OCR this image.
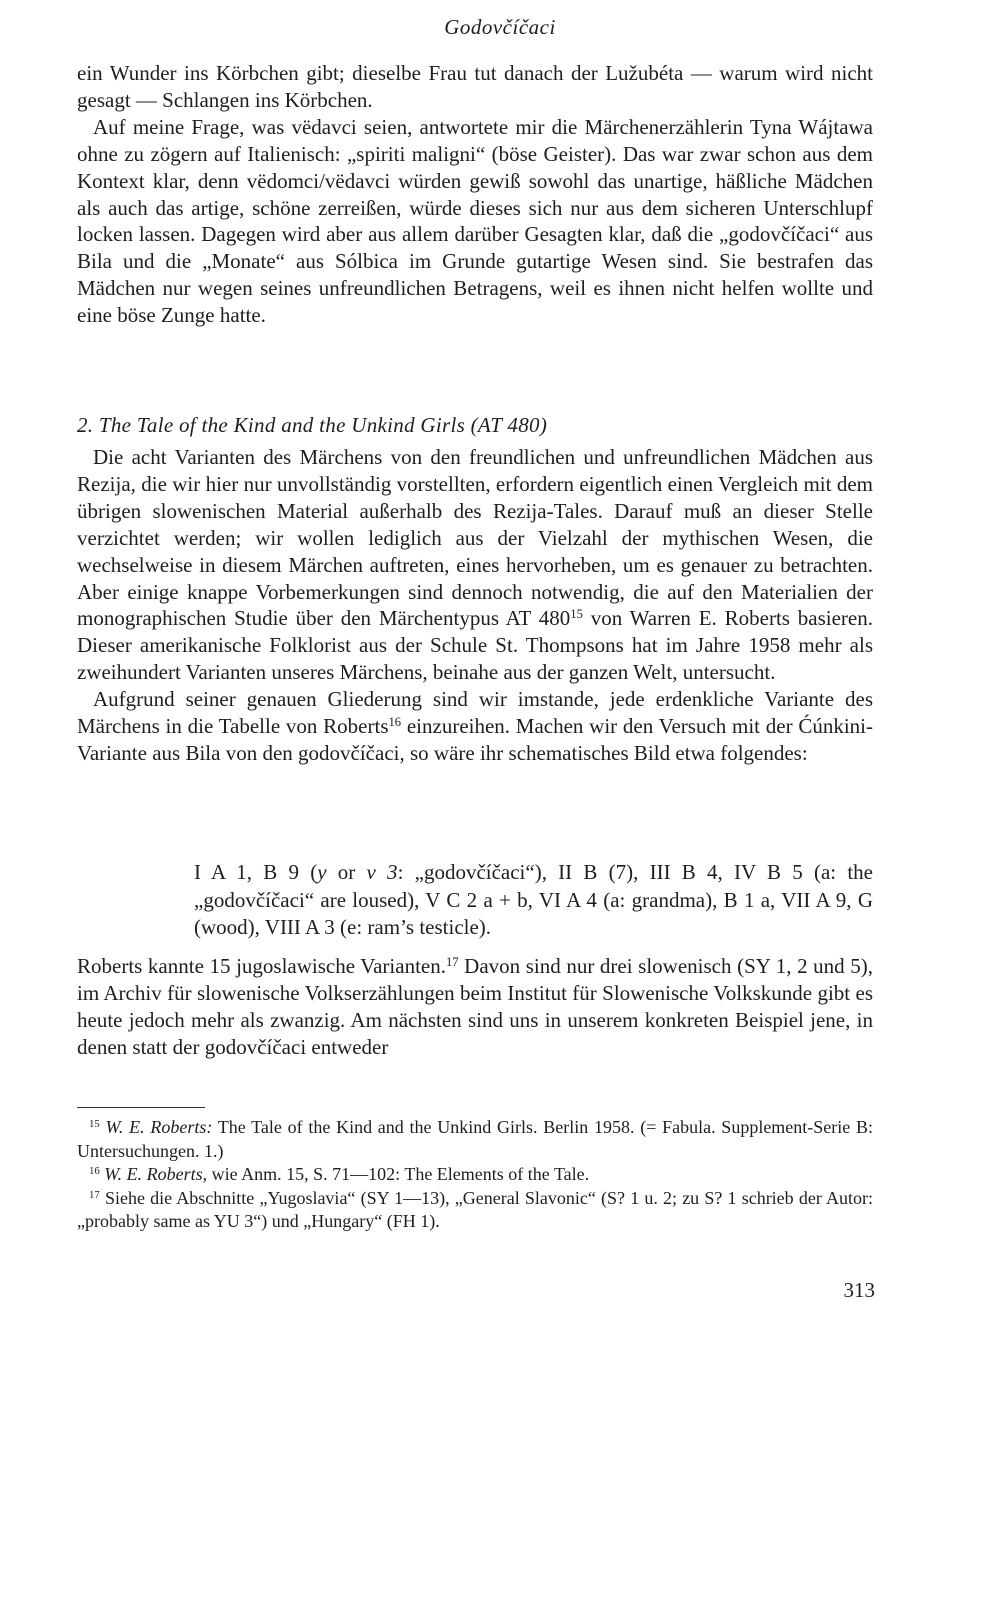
Godovčíčaci

ein Wunder ins Körbchen gibt; dieselbe Frau tut danach der Lužubéta — warum wird nicht gesagt — Schlangen ins Körbchen.

Auf meine Frage, was vëdavci seien, antwortete mir die Märchenerzählerin Tyna Wájtawa ohne zu zögern auf Italienisch: „spiriti maligni“ (böse Geister). Das war zwar schon aus dem Kontext klar, denn vëdomci/vëdavci würden gewiß sowohl das unartige, häßliche Mädchen als auch das artige, schöne zerreißen, würde dieses sich nur aus dem sicheren Unterschlupf locken lassen. Dagegen wird aber aus allem darüber Gesagten klar, daß die „godovčíčaci“ aus Bila und die „Monate“ aus Sólbica im Grunde gutartige Wesen sind. Sie bestrafen das Mädchen nur wegen seines unfreundlichen Betragens, weil es ihnen nicht helfen wollte und eine böse Zunge hatte.

2. The Tale of the Kind and the Unkind Girls (AT 480)

Die acht Varianten des Märchens von den freundlichen und unfreundlichen Mädchen aus Rezija, die wir hier nur unvollständig vorstellten, erfordern eigentlich einen Vergleich mit dem übrigen slowenischen Material außerhalb des Rezija-Tales. Darauf muß an dieser Stelle verzichtet werden; wir wollen lediglich aus der Vielzahl der mythischen Wesen, die wechselweise in diesem Märchen auftreten, eines hervorheben, um es genauer zu betrachten. Aber einige knappe Vorbemerkungen sind dennoch notwendig, die auf den Materialien der monographischen Studie über den Märchentypus AT $480^{15}$ von Warren E. Roberts basieren. Dieser amerikanische Folklorist aus der Schule St. Thompsons hat im Jahre 1958 mehr als zweihundert Varianten unseres Märchens, beinahe aus der ganzen Welt, untersucht.

Aufgrund seiner genauen Gliederung sind wir imstande, jede erdenkliche Variante des Märchens in die Tabelle von Roberts$^{16}$ einzureihen. Machen wir den Versuch mit der Ćúnkini-Variante aus Bila von den godovčíčaci, so wäre ihr schematisches Bild etwa folgendes:

I A 1, B 9 (y or v 3: „godovčíčaci“), II B (7), III B 4, IV B 5 (a: the „godovčíčaci“ are loused), V C 2 a + b, VI A 4 (a: grandma), B 1 a, VII A 9, G (wood), VIII A 3 (e: ram’s testicle).

Roberts kannte 15 jugoslawische Varianten.$^{17}$ Davon sind nur drei slowenisch (SY 1, 2 und 5), im Archiv für slowenische Volkserzählungen beim Institut für Slowenische Volkskunde gibt es heute jedoch mehr als zwanzig. Am nächsten sind uns in unserem konkreten Beispiel jene, in denen statt der godovčíčaci entweder

$^{15}$ W. E. Roberts: The Tale of the Kind and the Unkind Girls. Berlin 1958. (= Fabula. Supplement-Serie B: Untersuchungen. 1.)

$^{16}$ W. E. Roberts, wie Anm. 15, S. 71—102: The Elements of the Tale.

$^{17}$ Siehe die Abschnitte „Yugoslavia“ (SY 1—13), „General Slavonic“ (S? 1 u. 2; zu S? 1 schrieb der Autor: „probably same as YU 3“) und „Hungary“ (FH 1).

313
